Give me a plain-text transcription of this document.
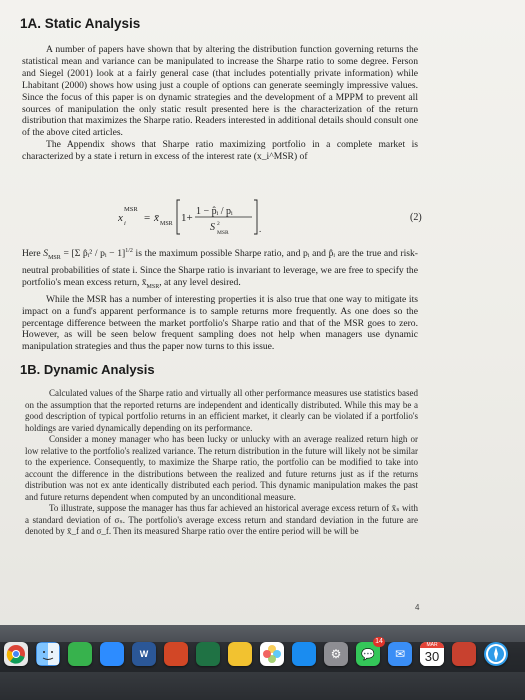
1A. Static Analysis

A number of papers have shown that by altering the distribution function governing returns the statistical mean and variance can be manipulated to increase the Sharpe ratio to some degree. Ferson and Siegel (2001) look at a fairly general case (that includes potentially private information) while Lhabitant (2000) shows how using just a couple of options can generate seemingly impressive values. Since the focus of this paper is on dynamic strategies and the development of a MPPM to prevent all sources of manipulation the only static result presented here is the characterization of the return distribution that maximizes the Sharpe ratio. Readers interested in additional details should consult one of the above cited articles.

The Appendix shows that Sharpe ratio maximizing portfolio in a complete market is characterized by a state i return in excess of the interest rate (x_i^MSR) of

x
MSR
i = x̄ MSR 1+
1 − p̂ᵢ / pᵢ
S 2
MSR	.
(2)

Here $S_{MSR} = [\Sigma$ p̂ᵢ² / pᵢ − 1]$^{1/2}$ is the maximum possible Sharpe ratio, and pᵢ and p̂ᵢ are the true and risk-neutral probabilities of state i. Since the Sharpe ratio is invariant to leverage, we are free to specify the portfolio's mean excess return, $x̄_{MSR}$, at any level desired.

While the MSR has a number of interesting properties it is also true that one way to mitigate its impact on a fund's apparent performance is to sample returns more frequently. As one does so the percentage difference between the market portfolio's Sharpe ratio and that of the MSR goes to zero. However, as will be seen below frequent sampling does not help when managers use dynamic manipulation strategies and thus the paper now turns to this issue.

1B. Dynamic Analysis

Calculated values of the Sharpe ratio and virtually all other performance measures use statistics based on the assumption that the reported returns are independent and identically distributed. While this may be a good description of typical portfolio returns in an efficient market, it clearly can be violated if a portfolio's holdings are varied dynamically depending on its performance.

Consider a money manager who has been lucky or unlucky with an average realized return high or low relative to the portfolio's realized variance. The return distribution in the future will likely not be similar to the experience. Consequently, to maximize the Sharpe ratio, the portfolio can be modified to take into account the difference in the distributions between the realized and future returns just as if the returns distribution was not ex ante identically distributed each period. This dynamic manipulation makes the past and future returns dependent when computed by an unconditional measure.

To illustrate, suppose the manager has thus far achieved an historical average excess return of x̄ₛ with a standard deviation of σₛ. The portfolio's average excess return and standard deviation in the future are denoted by x̄_f and σ_f. Then its measured Sharpe ratio over the entire period will be will be

4
W	⚙	💬
14
✉
MAR
30
